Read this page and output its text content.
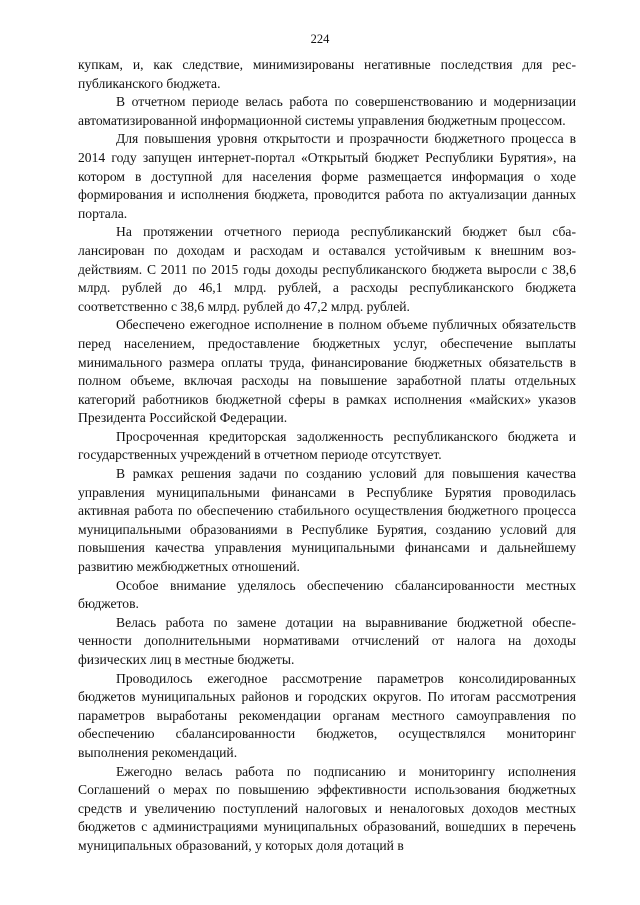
224

купкам, и, как следствие, минимизированы негативные последствия для республиканского бюджета.

В отчетном периоде велась работа по совершенствованию и модернизации автоматизированной информационной системы управления бюджетным процессом.

Для повышения уровня открытости и прозрачности бюджетного процесса в 2014 году запущен интернет-портал «Открытый бюджет Республики Бурятия», на котором в доступной для населения форме размещается информация о ходе формирования и исполнения бюджета, проводится работа по актуализации данных портала.

На протяжении отчетного периода республиканский бюджет был сбалансирован по доходам и расходам и оставался устойчивым к внешним воздействиям. С 2011 по 2015 годы доходы республиканского бюджета выросли с 38,6 млрд. рублей до 46,1 млрд. рублей, а расходы республиканского бюджета соответственно с 38,6 млрд. рублей до 47,2 млрд. рублей.

Обеспечено ежегодное исполнение в полном объеме публичных обязательств перед населением, предоставление бюджетных услуг, обеспечение выплаты минимального размера оплаты труда, финансирование бюджетных обязательств в полном объеме, включая расходы на повышение заработной платы отдельных категорий работников бюджетной сферы в рамках исполнения «майских» указов Президента Российской Федерации.

Просроченная кредиторская задолженность республиканского бюджета и государственных учреждений в отчетном периоде отсутствует.

В рамках решения задачи по созданию условий для повышения качества управления муниципальными финансами в Республике Бурятия проводилась активная работа по обеспечению стабильного осуществления бюджетного процесса муниципальными образованиями в Республике Бурятия, созданию условий для повышения качества управления муниципальными финансами и дальнейшему развитию межбюджетных отношений.

Особое внимание уделялось обеспечению сбалансированности местных бюджетов.

Велась работа по замене дотации на выравнивание бюджетной обеспеченности дополнительными нормативами отчислений от налога на доходы физических лиц в местные бюджеты.

Проводилось ежегодное рассмотрение параметров консолидированных бюджетов муниципальных районов и городских округов. По итогам рассмотрения параметров выработаны рекомендации органам местного самоуправления по обеспечению сбалансированности бюджетов, осуществлялся мониторинг выполнения рекомендаций.

Ежегодно велась работа по подписанию и мониторингу исполнения Соглашений о мерах по повышению эффективности использования бюджетных средств и увеличению поступлений налоговых и неналоговых доходов местных бюджетов с администрациями муниципальных образований, вошедших в перечень муниципальных образований, у которых доля дотаций в
